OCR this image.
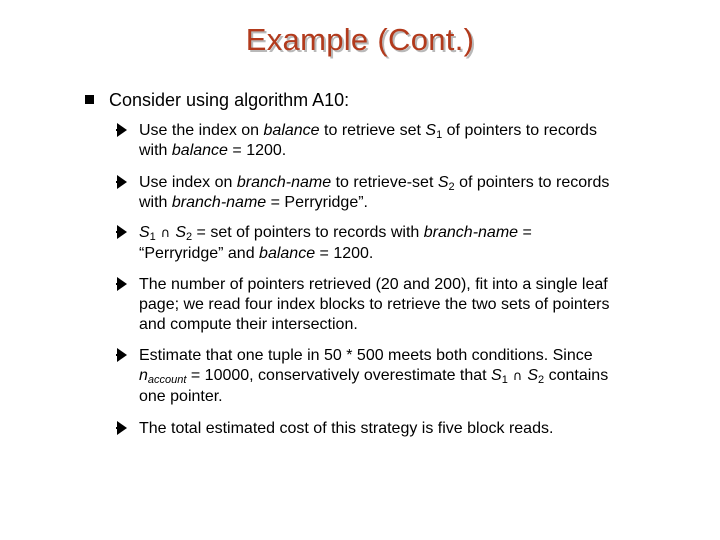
Example (Cont.)
Consider using algorithm A10:
Use the index on balance to retrieve set $S_1$ of pointers to records with balance = 1200.
Use index on branch-name to retrieve-set $S_2$ of pointers to records with branch-name = Perryridge”.
$S_1$ ∩ $S_2$ = set of pointers to records with branch-name = “Perryridge” and balance = 1200.
The number of pointers retrieved (20 and 200), fit into a single leaf page; we read four index blocks to retrieve the two sets of pointers and compute their intersection.
Estimate that one tuple in 50 * 500 meets both conditions. Since $n_{account} = 10000$, conservatively overestimate that $S_1$ ∩ $S_2$ contains one pointer.
The total estimated cost of this strategy is five block reads.
